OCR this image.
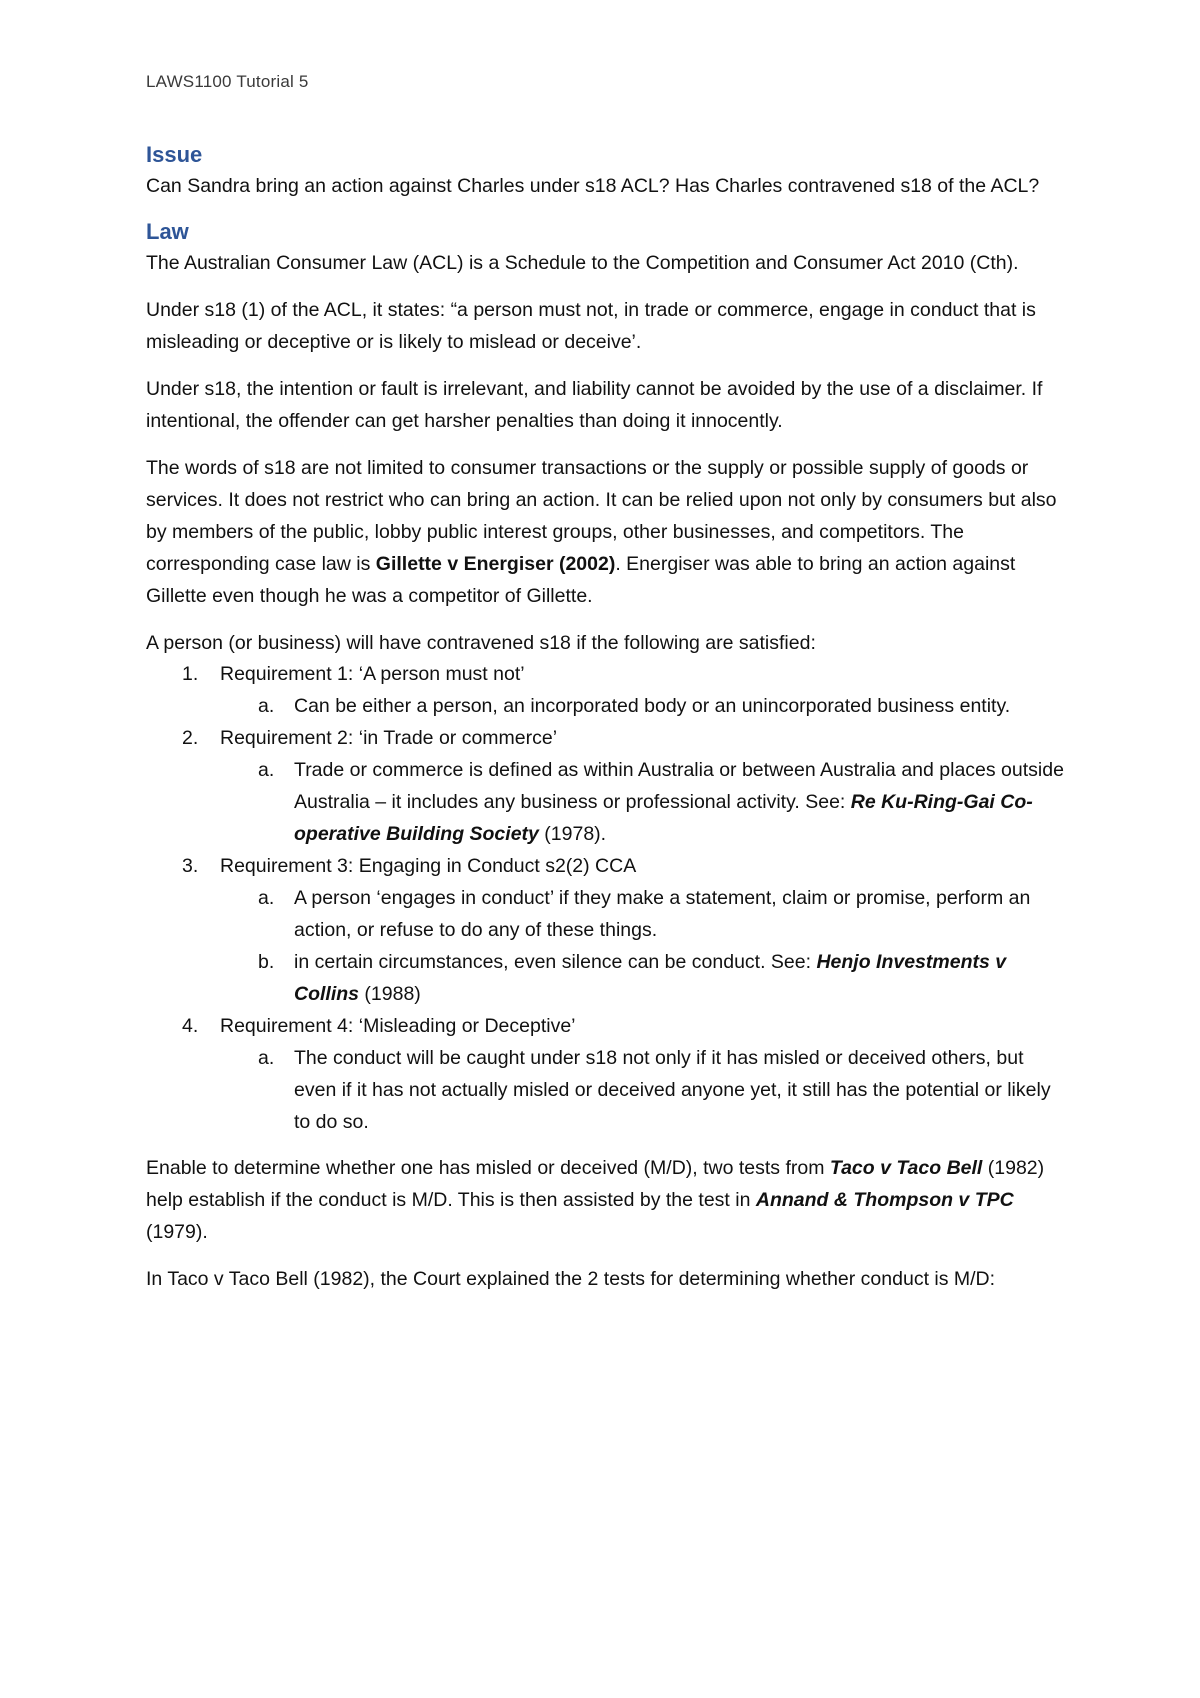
LAWS1100 Tutorial 5
Issue

Can Sandra bring an action against Charles under s18 ACL? Has Charles contravened s18 of the ACL?

Law

The Australian Consumer Law (ACL) is a Schedule to the Competition and Consumer Act 2010 (Cth).

Under s18 (1) of the ACL, it states: “a person must not, in trade or commerce, engage in conduct that is misleading or deceptive or is likely to mislead or deceive’.

Under s18, the intention or fault is irrelevant, and liability cannot be avoided by the use of a disclaimer. If intentional, the offender can get harsher penalties than doing it innocently.

The words of s18 are not limited to consumer transactions or the supply or possible supply of goods or services. It does not restrict who can bring an action. It can be relied upon not only by consumers but also by members of the public, lobby public interest groups, other businesses, and competitors. The corresponding case law is Gillette v Energiser (2002). Energiser was able to bring an action against Gillette even though he was a competitor of Gillette.

A person (or business) will have contravened s18 if the following are satisfied:

1. Requirement 1: ‘A person must not’
a. Can be either a person, an incorporated body or an unincorporated business entity.
2. Requirement 2: ‘in Trade or commerce’
a. Trade or commerce is defined as within Australia or between Australia and places outside Australia – it includes any business or professional activity. See: Re Ku-Ring-Gai Co-operative Building Society (1978).
3. Requirement 3: Engaging in Conduct s2(2) CCA
a. A person ‘engages in conduct’ if they make a statement, claim or promise, perform an action, or refuse to do any of these things.
b. in certain circumstances, even silence can be conduct. See: Henjo Investments v Collins (1988)
4. Requirement 4: ‘Misleading or Deceptive’
a. The conduct will be caught under s18 not only if it has misled or deceived others, but even if it has not actually misled or deceived anyone yet, it still has the potential or likely to do so.

Enable to determine whether one has misled or deceived (M/D), two tests from Taco v Taco Bell (1982) help establish if the conduct is M/D. This is then assisted by the test in Annand & Thompson v TPC (1979).

In Taco v Taco Bell (1982), the Court explained the 2 tests for determining whether conduct is M/D:
